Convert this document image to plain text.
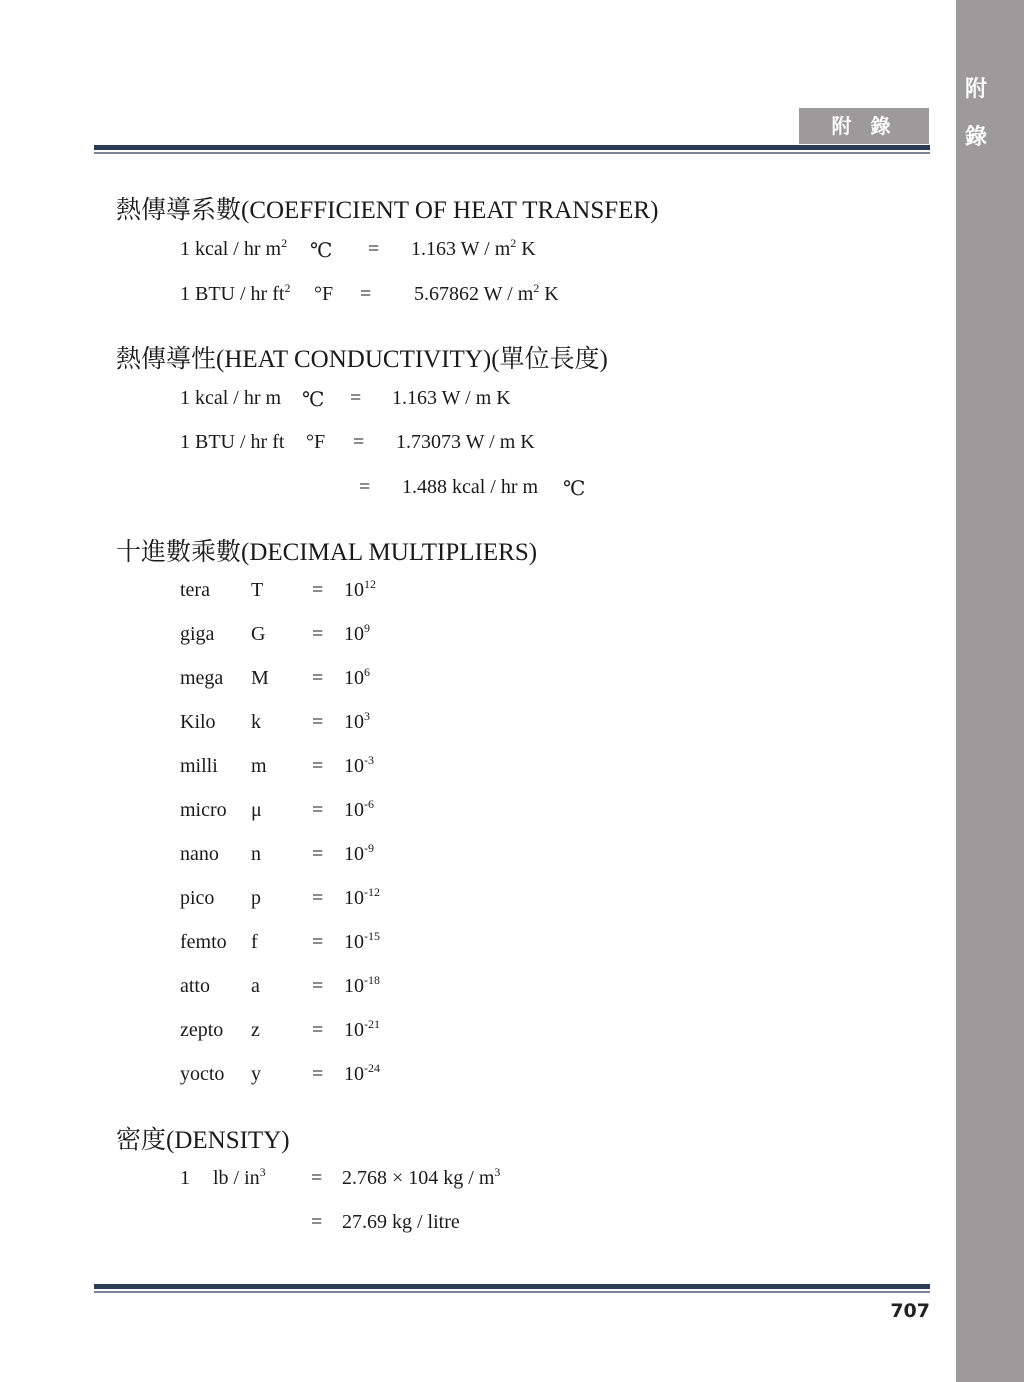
附
錄
附 錄
熱傳導系數(COEFFICIENT OF HEAT TRANSFER)
1 kcal / hr $m^2$ ℃ = 1.163 W / $m^2$ K
1 BTU / hr $ft^2$ °F = 5.67862 W / $m^2$ K
熱傳導性(HEAT CONDUCTIVITY)(單位長度)
1 kcal / hr m ℃ = 1.163 W / m K
1 BTU / hr ft °F = 1.73073 W / m K
= 1.488 kcal / hr m ℃
十進數乘數(DECIMAL MULTIPLIERS)
tera $T = 10^{12}$
giga $G = 10^9$
mega $M = 10^6$
Kilo k	= $10^3$
milli $m = 10^{-3}$
micro μ	= $10^{-6}$
nano n	= $10^{-9}$
pico p	= $10^{-12}$
femto f	= $10^{-15}$
atto a	= $10^{-18}$
zepto z	= $10^{-21}$
yocto y	= $10^{-24}$
密度(DENSITY)
1 lb / $in^3 = 2.768 \times 104$ kg / $m^3$
= 27.69 kg / litre
707
